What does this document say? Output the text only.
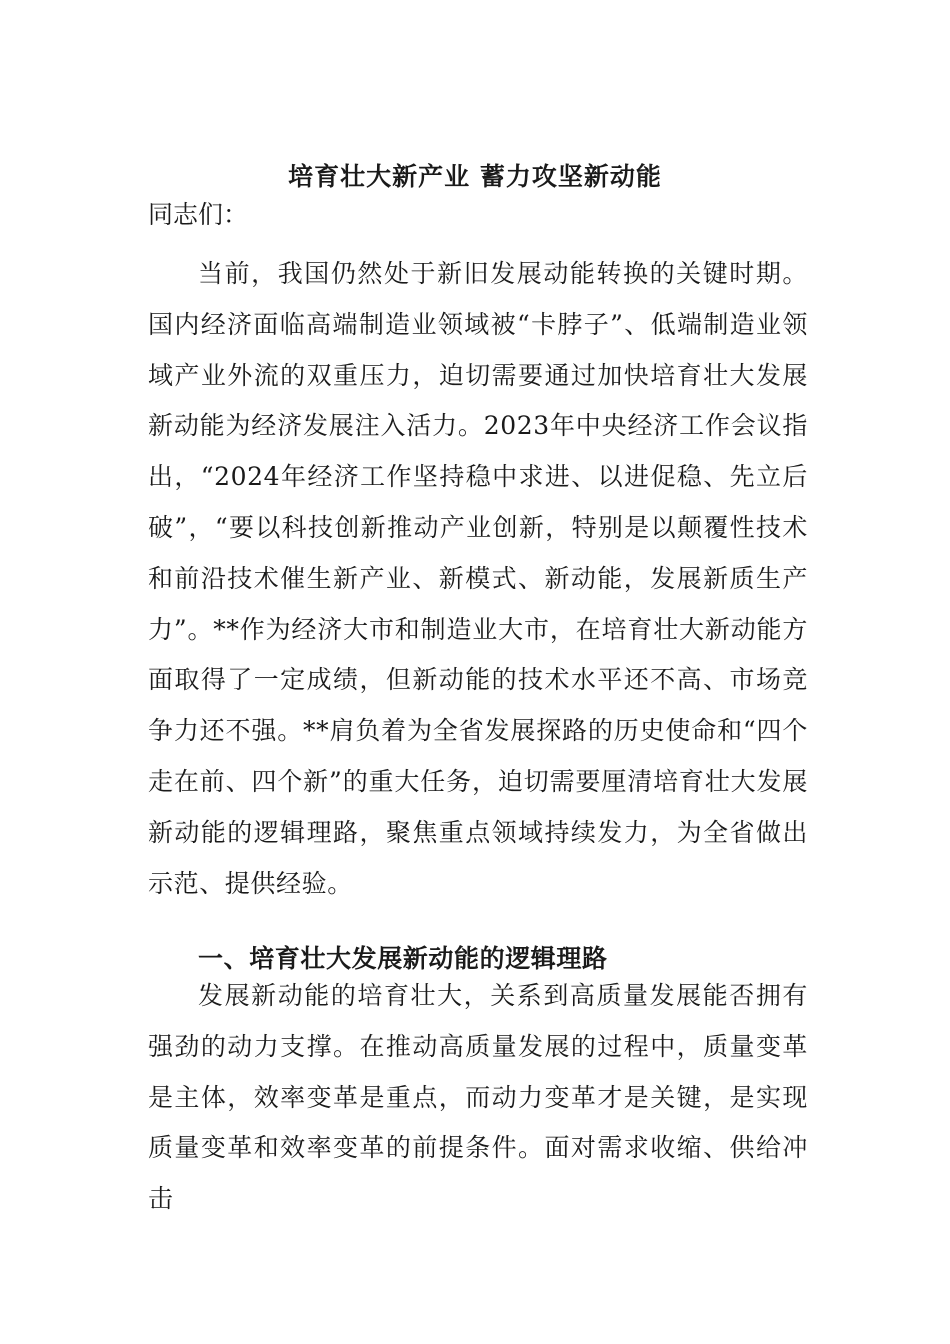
培育壮大新产业 蓄力攻坚新动能
同志们：

当前，我国仍然处于新旧发展动能转换的关键时期。国内经济面临高端制造业领域被“卡脖子”、低端制造业领域产业外流的双重压力，迫切需要通过加快培育壮大发展新动能为经济发展注入活力。2023年中央经济工作会议指出，“2024年经济工作坚持稳中求进、以进促稳、先立后破”，“要以科技创新推动产业创新，特别是以颠覆性技术和前沿技术催生新产业、新模式、新动能，发展新质生产力”。**作为经济大市和制造业大市，在培育壮大新动能方面取得了一定成绩，但新动能的技术水平还不高、市场竞争力还不强。**肩负着为全省发展探路的历史使命和“四个走在前、四个新”的重大任务，迫切需要厘清培育壮大发展新动能的逻辑理路，聚焦重点领域持续发力，为全省做出示范、提供经验。

一、培育壮大发展新动能的逻辑理路

发展新动能的培育壮大，关系到高质量发展能否拥有强劲的动力支撑。在推动高质量发展的过程中，质量变革是主体，效率变革是重点，而动力变革才是关键，是实现质量变革和效率变革的前提条件。面对需求收缩、供给冲击
